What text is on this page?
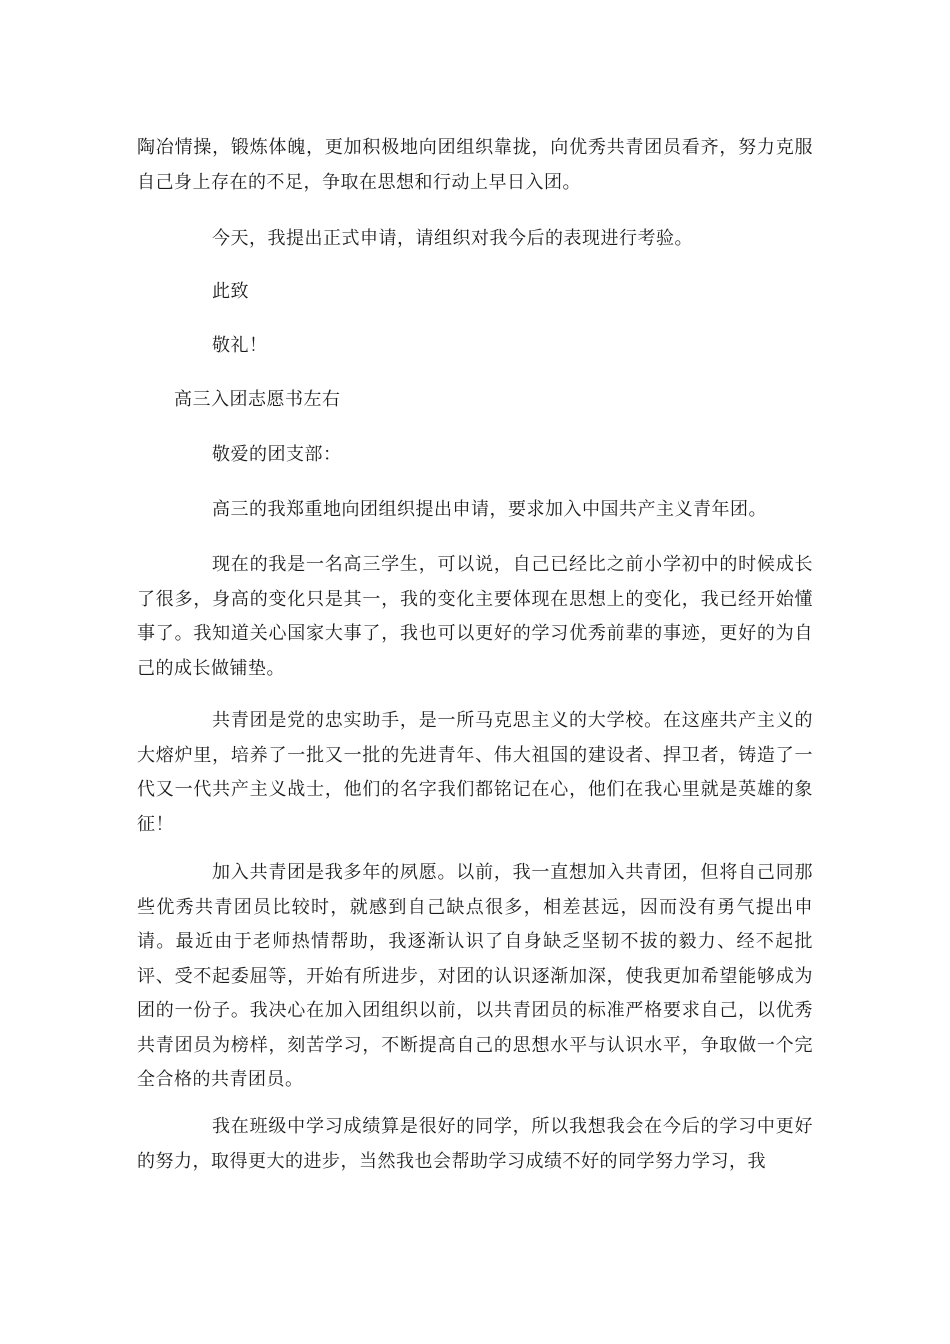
陶冶情操，锻炼体魄，更加积极地向团组织靠拢，向优秀共青团员看齐，努力克服自己身上存在的不足，争取在思想和行动上早日入团。

今天，我提出正式申请，请组织对我今后的表现进行考验。

此致

敬礼！

高三入团志愿书左右

敬爱的团支部：

高三的我郑重地向团组织提出申请，要求加入中国共产主义青年团。

现在的我是一名高三学生，可以说，自己已经比之前小学初中的时候成长了很多，身高的变化只是其一，我的变化主要体现在思想上的变化，我已经开始懂事了。我知道关心国家大事了，我也可以更好的学习优秀前辈的事迹，更好的为自己的成长做铺垫。

共青团是党的忠实助手，是一所马克思主义的大学校。在这座共产主义的大熔炉里，培养了一批又一批的先进青年、伟大祖国的建设者、捍卫者，铸造了一代又一代共产主义战士，他们的名字我们都铭记在心，他们在我心里就是英雄的象征！

加入共青团是我多年的夙愿。以前，我一直想加入共青团，但将自己同那些优秀共青团员比较时，就感到自己缺点很多，相差甚远，因而没有勇气提出申请。最近由于老师热情帮助，我逐渐认识了自身缺乏坚韧不拔的毅力、经不起批评、受不起委屈等，开始有所进步，对团的认识逐渐加深，使我更加希望能够成为团的一份子。我决心在加入团组织以前，以共青团员的标准严格要求自己，以优秀共青团员为榜样，刻苦学习，不断提高自己的思想水平与认识水平，争取做一个完全合格的共青团员。

我在班级中学习成绩算是很好的同学，所以我想我会在今后的学习中更好的努力，取得更大的进步，当然我也会帮助学习成绩不好的同学努力学习，我
